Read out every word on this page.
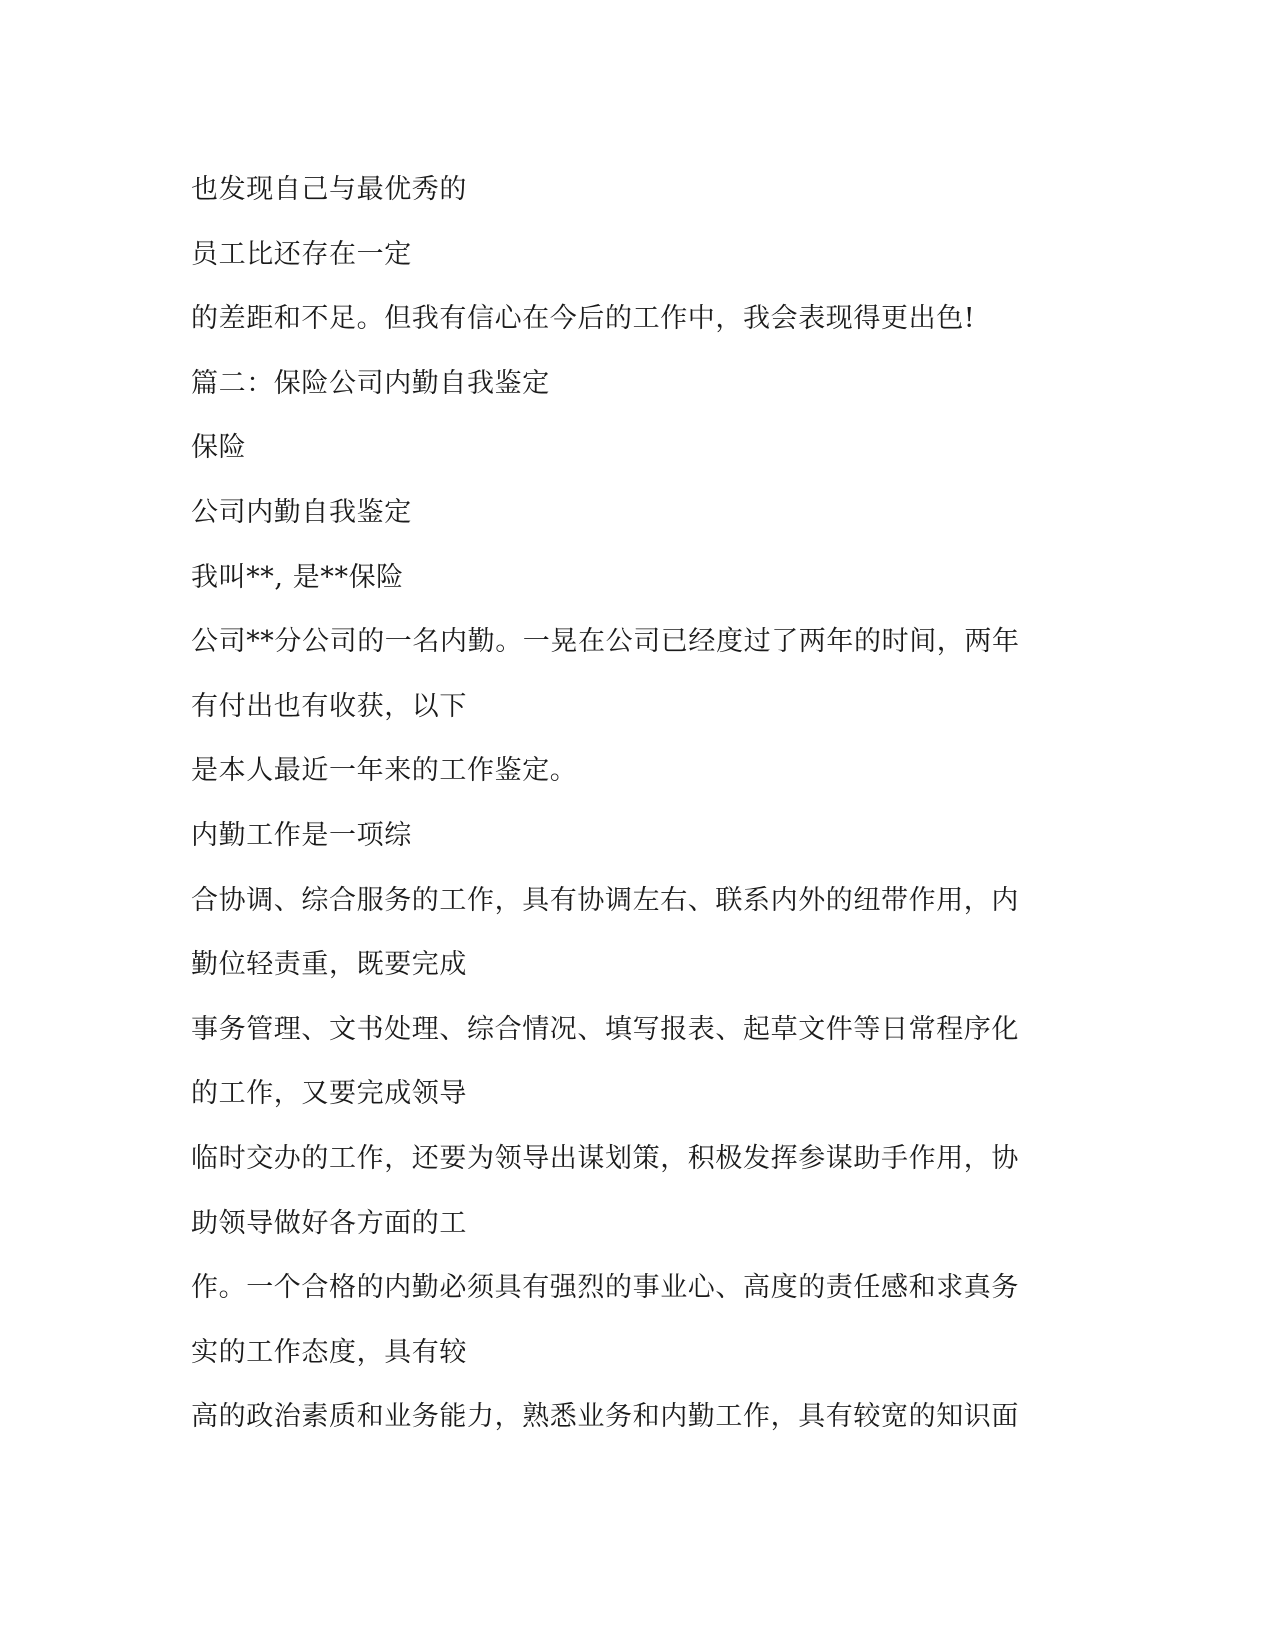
也发现自己与最优秀的
员工比还存在一定
的差距和不足。但我有信心在今后的工作中，我会表现得更出色!
篇二：保险公司内勤自我鉴定
保险
公司内勤自我鉴定
我叫**, 是**保险
公司**分公司的一名内勤。一晃在公司已经度过了两年的时间，两年
有付出也有收获，以下
是本人最近一年来的工作鉴定。
内勤工作是一项综
合协调、综合服务的工作，具有协调左右、联系内外的纽带作用，内
勤位轻责重，既要完成
事务管理、文书处理、综合情况、填写报表、起草文件等日常程序化
的工作，又要完成领导
临时交办的工作，还要为领导出谋划策，积极发挥参谋助手作用，协
助领导做好各方面的工
作。一个合格的内勤必须具有强烈的事业心、高度的责任感和求真务
实的工作态度，具有较
高的政治素质和业务能力，熟悉业务和内勤工作，具有较宽的知识面
